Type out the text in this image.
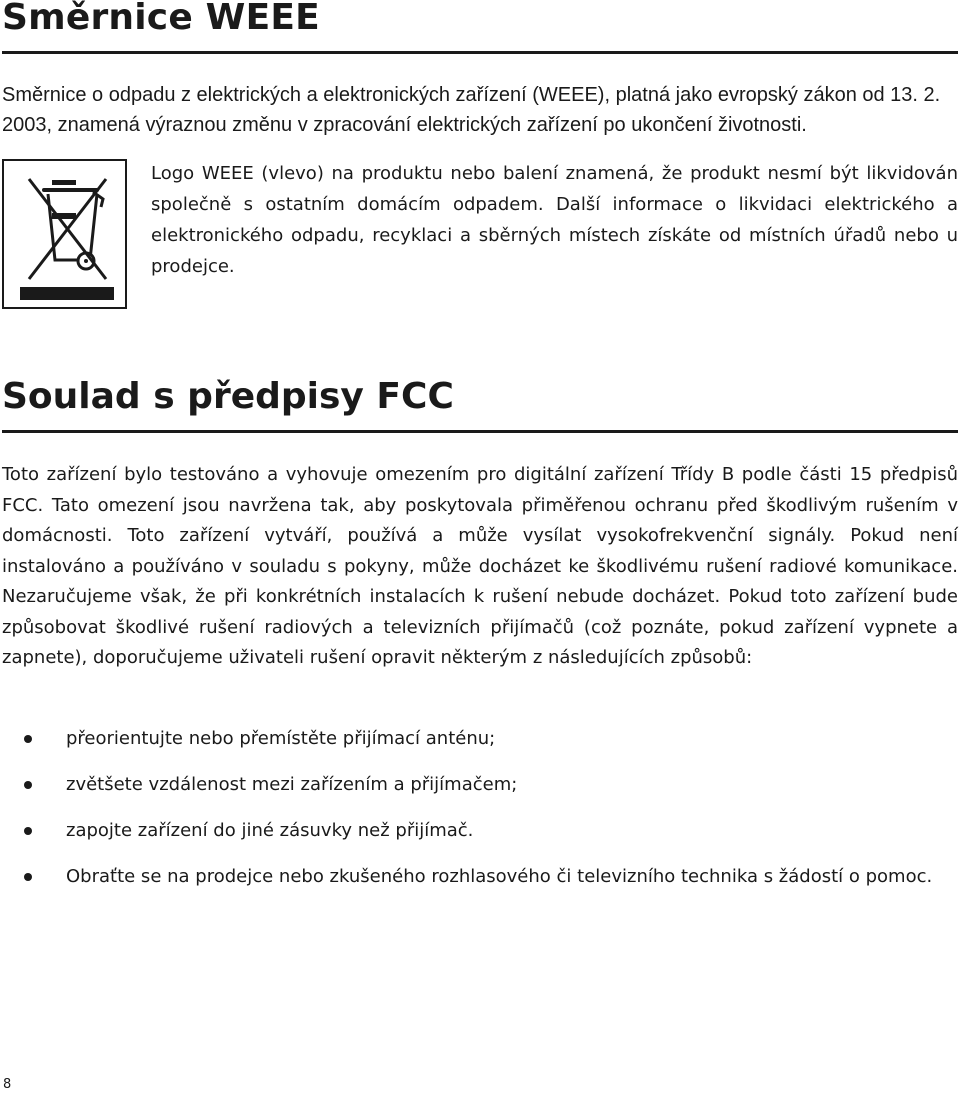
Směrnice WEEE

Směrnice o odpadu z elektrických a elektronických zařízení (WEEE), platná jako evropský zákon od 13. 2. 2003, znamená výraznou změnu v zpracování elektrických zařízení po ukončení životnosti.

Logo WEEE (vlevo) na produktu nebo balení znamená, že produkt nesmí být likvidován společně s ostatním domácím odpadem. Další informace o likvidaci elektrického a elektronického odpadu, recyklaci a sběrných místech získáte od místních úřadů nebo u prodejce.

Soulad s předpisy FCC

Toto zařízení bylo testováno a vyhovuje omezením pro digitální zařízení Třídy B podle části 15 předpisů FCC. Tato omezení jsou navržena tak, aby poskytovala přiměřenou ochranu před škodlivým rušením v domácnosti. Toto zařízení vytváří, používá a může vysílat vysokofrekvenční signály. Pokud není instalováno a používáno v souladu s pokyny, může docházet ke škodlivému rušení radiové komunikace. Nezaručujeme však, že při konkrétních instalacích k rušení nebude docházet. Pokud toto zařízení bude způsobovat škodlivé rušení radiových a televizních přijímačů (což poznáte, pokud zařízení vypnete a zapnete), doporučujeme uživateli rušení opravit některým z následujících způsobů:

přeorientujte nebo přemístěte přijímací anténu;
zvětšete vzdálenost mezi zařízením a přijímačem;
zapojte zařízení do jiné zásuvky než přijímač.
Obraťte se na prodejce nebo zkušeného rozhlasového či televizního technika s žádostí o pomoc.
8
